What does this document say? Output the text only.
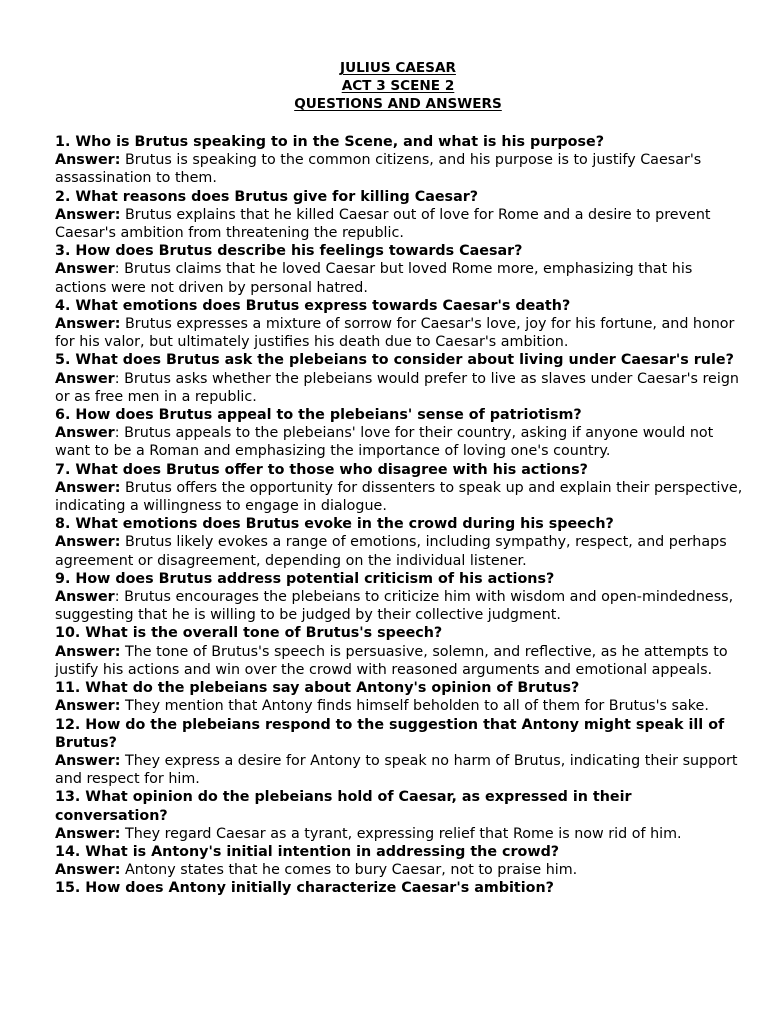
JULIUS CAESAR
ACT 3 SCENE 2
QUESTIONS AND ANSWERS

1. Who is Brutus speaking to in the Scene, and what is his purpose?

Answer: Brutus is speaking to the common citizens, and his purpose is to justify Caesar's assassination to them.

2. What reasons does Brutus give for killing Caesar?

Answer: Brutus explains that he killed Caesar out of love for Rome and a desire to prevent Caesar's ambition from threatening the republic.

3. How does Brutus describe his feelings towards Caesar?

Answer: Brutus claims that he loved Caesar but loved Rome more, emphasizing that his actions were not driven by personal hatred.

4. What emotions does Brutus express towards Caesar's death?

Answer: Brutus expresses a mixture of sorrow for Caesar's love, joy for his fortune, and honor for his valor, but ultimately justifies his death due to Caesar's ambition.

5. What does Brutus ask the plebeians to consider about living under Caesar's rule?

Answer: Brutus asks whether the plebeians would prefer to live as slaves under Caesar's reign or as free men in a republic.

6. How does Brutus appeal to the plebeians' sense of patriotism?

Answer: Brutus appeals to the plebeians' love for their country, asking if anyone would not want to be a Roman and emphasizing the importance of loving one's country.

7. What does Brutus offer to those who disagree with his actions?

Answer: Brutus offers the opportunity for dissenters to speak up and explain their perspective, indicating a willingness to engage in dialogue.

8. What emotions does Brutus evoke in the crowd during his speech?

Answer: Brutus likely evokes a range of emotions, including sympathy, respect, and perhaps agreement or disagreement, depending on the individual listener.

9. How does Brutus address potential criticism of his actions?

Answer: Brutus encourages the plebeians to criticize him with wisdom and open-mindedness, suggesting that he is willing to be judged by their collective judgment.

10. What is the overall tone of Brutus's speech?

Answer: The tone of Brutus's speech is persuasive, solemn, and reflective, as he attempts to justify his actions and win over the crowd with reasoned arguments and emotional appeals.

11. What do the plebeians say about Antony's opinion of Brutus?

Answer: They mention that Antony finds himself beholden to all of them for Brutus's sake.

12. How do the plebeians respond to the suggestion that Antony might speak ill of Brutus?

Answer: They express a desire for Antony to speak no harm of Brutus, indicating their support and respect for him.

13. What opinion do the plebeians hold of Caesar, as expressed in their conversation?

Answer: They regard Caesar as a tyrant, expressing relief that Rome is now rid of him.

14. What is Antony's initial intention in addressing the crowd?

Answer: Antony states that he comes to bury Caesar, not to praise him.

15. How does Antony initially characterize Caesar's ambition?
